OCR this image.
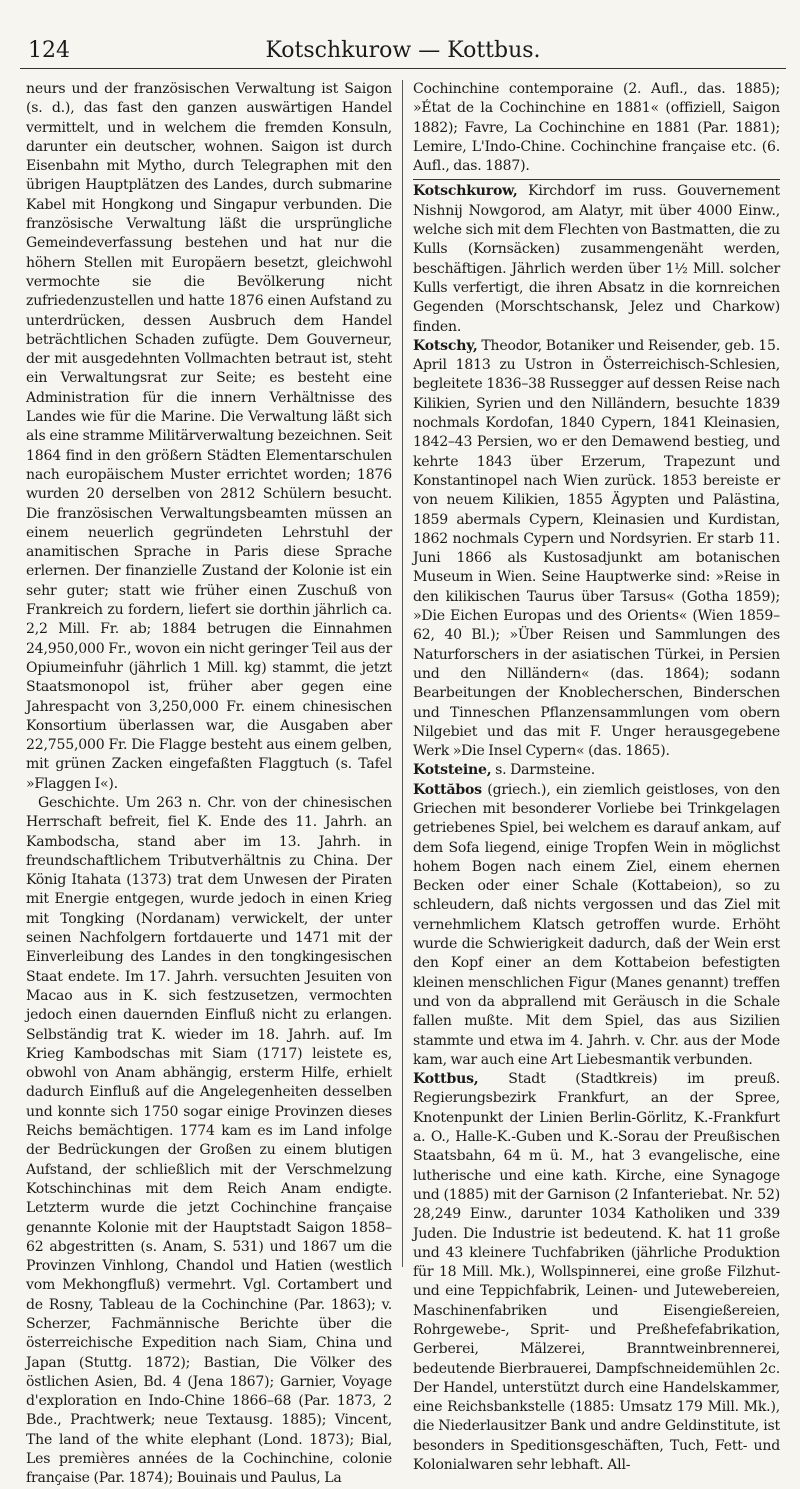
124	Kotschkurow — Kottbus.

neurs und der französischen Verwaltung ist Saigon (s. d.), das fast den ganzen auswärtigen Handel vermittelt, und in welchem die fremden Konsuln, darunter ein deutscher, wohnen. Saigon ist durch Eisenbahn mit Mytho, durch Telegraphen mit den übrigen Hauptplätzen des Landes, durch submarine Kabel mit Hongkong und Singapur verbunden. Die französische Verwaltung läßt die ursprüngliche Gemeindeverfassung bestehen und hat nur die höhern Stellen mit Europäern besetzt, gleichwohl vermochte sie die Bevölkerung nicht zufriedenzustellen und hatte 1876 einen Aufstand zu unterdrücken, dessen Ausbruch dem Handel beträchtlichen Schaden zufügte. Dem Gouverneur, der mit ausgedehnten Vollmachten betraut ist, steht ein Verwaltungsrat zur Seite; es besteht eine Administration für die innern Verhältnisse des Landes wie für die Marine. Die Verwaltung läßt sich als eine stramme Militärverwaltung bezeichnen. Seit 1864 find in den größern Städten Elementarschulen nach europäischem Muster errichtet worden; 1876 wurden 20 derselben von 2812 Schülern besucht. Die französischen Verwaltungsbeamten müssen an einem neuerlich gegründeten Lehrstuhl der anamitischen Sprache in Paris diese Sprache erlernen. Der finanzielle Zustand der Kolonie ist ein sehr guter; statt wie früher einen Zuschuß von Frankreich zu fordern, liefert sie dorthin jährlich ca. 2,2 Mill. Fr. ab; 1884 betrugen die Einnahmen 24,950,000 Fr., wovon ein nicht geringer Teil aus der Opiumeinfuhr (jährlich 1 Mill. kg) stammt, die jetzt Staatsmonopol ist, früher aber gegen eine Jahrespacht von 3,250,000 Fr. einem chinesischen Konsortium überlassen war, die Ausgaben aber 22,755,000 Fr. Die Flagge besteht aus einem gelben, mit grünen Zacken eingefaßten Flaggtuch (s. Tafel »Flaggen I«).

Geschichte. Um 263 n. Chr. von der chinesischen Herrschaft befreit, fiel K. Ende des 11. Jahrh. an Kambodscha, stand aber im 13. Jahrh. in freundschaftlichem Tributverhältnis zu China. Der König Itahata (1373) trat dem Unwesen der Piraten mit Energie entgegen, wurde jedoch in einen Krieg mit Tongking (Nordanam) verwickelt, der unter seinen Nachfolgern fortdauerte und 1471 mit der Einverleibung des Landes in den tongkingesischen Staat endete. Im 17. Jahrh. versuchten Jesuiten von Macao aus in K. sich festzusetzen, vermochten jedoch einen dauernden Einfluß nicht zu erlangen. Selbständig trat K. wieder im 18. Jahrh. auf. Im Krieg Kambodschas mit Siam (1717) leistete es, obwohl von Anam abhängig, ersterm Hilfe, erhielt dadurch Einfluß auf die Angelegenheiten desselben und konnte sich 1750 sogar einige Provinzen dieses Reichs bemächtigen. 1774 kam es im Land infolge der Bedrückungen der Großen zu einem blutigen Aufstand, der schließlich mit der Verschmelzung Kotschinchinas mit dem Reich Anam endigte. Letzterm wurde die jetzt Cochinchine française genannte Kolonie mit der Hauptstadt Saigon 1858–62 abgestritten (s. Anam, S. 531) und 1867 um die Provinzen Vinhlong, Chandol und Hatien (westlich vom Mekhongfluß) vermehrt. Vgl. Cortambert und de Rosny, Tableau de la Cochinchine (Par. 1863); v. Scherzer, Fachmännische Berichte über die österreichische Expedition nach Siam, China und Japan (Stuttg. 1872); Bastian, Die Völker des östlichen Asien, Bd. 4 (Jena 1867); Garnier, Voyage d'exploration en Indo-Chine 1866–68 (Par. 1873, 2 Bde., Prachtwerk; neue Textausg. 1885); Vincent, The land of the white elephant (Lond. 1873); Bial, Les premières années de la Cochinchine, colonie française (Par. 1874); Bouinais und Paulus, La

Cochinchine contemporaine (2. Aufl., das. 1885); »État de la Cochinchine en 1881« (offiziell, Saigon 1882); Favre, La Cochinchine en 1881 (Par. 1881); Lemire, L'Indo-Chine. Cochinchine française etc. (6. Aufl., das. 1887).

Kotschkurow, Kirchdorf im russ. Gouvernement Nishnij Nowgorod, am Alatyr, mit über 4000 Einw., welche sich mit dem Flechten von Bastmatten, die zu Kulls (Kornsäcken) zusammengenäht werden, beschäftigen. Jährlich werden über 1½ Mill. solcher Kulls verfertigt, die ihren Absatz in die kornreichen Gegenden (Morschtschansk, Jelez und Charkow) finden.

Kotschy, Theodor, Botaniker und Reisender, geb. 15. April 1813 zu Ustron in Österreichisch-Schlesien, begleitete 1836–38 Russegger auf dessen Reise nach Kilikien, Syrien und den Nilländern, besuchte 1839 nochmals Kordofan, 1840 Cypern, 1841 Kleinasien, 1842–43 Persien, wo er den Demawend bestieg, und kehrte 1843 über Erzerum, Trapezunt und Konstantinopel nach Wien zurück. 1853 bereiste er von neuem Kilikien, 1855 Ägypten und Palästina, 1859 abermals Cypern, Kleinasien und Kurdistan, 1862 nochmals Cypern und Nordsyrien. Er starb 11. Juni 1866 als Kustosadjunkt am botanischen Museum in Wien. Seine Hauptwerke sind: »Reise in den kilikischen Taurus über Tarsus« (Gotha 1859); »Die Eichen Europas und des Orients« (Wien 1859–62, 40 Bl.); »Über Reisen und Sammlungen des Naturforschers in der asiatischen Türkei, in Persien und den Nilländern« (das. 1864); sodann Bearbeitungen der Knoblecherschen, Binderschen und Tinneschen Pflanzensammlungen vom obern Nilgebiet und das mit F. Unger herausgegebene Werk »Die Insel Cypern« (das. 1865).

Kotsteine, s. Darmsteine.

Kottăbos (griech.), ein ziemlich geistloses, von den Griechen mit besonderer Vorliebe bei Trinkgelagen getriebenes Spiel, bei welchem es darauf ankam, auf dem Sofa liegend, einige Tropfen Wein in möglichst hohem Bogen nach einem Ziel, einem ehernen Becken oder einer Schale (Kottabeion), so zu schleudern, daß nichts vergossen und das Ziel mit vernehmlichem Klatsch getroffen wurde. Erhöht wurde die Schwierigkeit dadurch, daß der Wein erst den Kopf einer an dem Kottabeion befestigten kleinen menschlichen Figur (Manes genannt) treffen und von da abprallend mit Geräusch in die Schale fallen mußte. Mit dem Spiel, das aus Sizilien stammte und etwa im 4. Jahrh. v. Chr. aus der Mode kam, war auch eine Art Liebesmantik verbunden.

Kottbus, Stadt (Stadtkreis) im preuß. Regierungsbezirk Frankfurt, an der Spree, Knotenpunkt der Linien Berlin-Görlitz, K.-Frankfurt a. O., Halle-K.-Guben und K.-Sorau der Preußischen Staatsbahn, 64 m ü. M., hat 3 evangelische, eine lutherische und eine kath. Kirche, eine Synagoge und (1885) mit der Garnison (2 Infanteriebat. Nr. 52) 28,249 Einw., darunter 1034 Katholiken und 339 Juden. Die Industrie ist bedeutend. K. hat 11 große und 43 kleinere Tuchfabriken (jährliche Produktion für 18 Mill. Mk.), Wollspinnerei, eine große Filzhut- und eine Teppichfabrik, Leinen- und Jutewebereien, Maschinenfabriken und Eisengießereien, Rohrgewebe-, Sprit- und Preßhefefabrikation, Gerberei, Mälzerei, Branntweinbrennerei, bedeutende Bierbrauerei, Dampfschneidemühlen 2c. Der Handel, unterstützt durch eine Handelskammer, eine Reichsbankstelle (1885: Umsatz 179 Mill. Mk.), die Niederlausitzer Bank und andre Geldinstitute, ist besonders in Speditionsgeschäften, Tuch, Fett- und Kolonialwaren sehr lebhaft. All-
